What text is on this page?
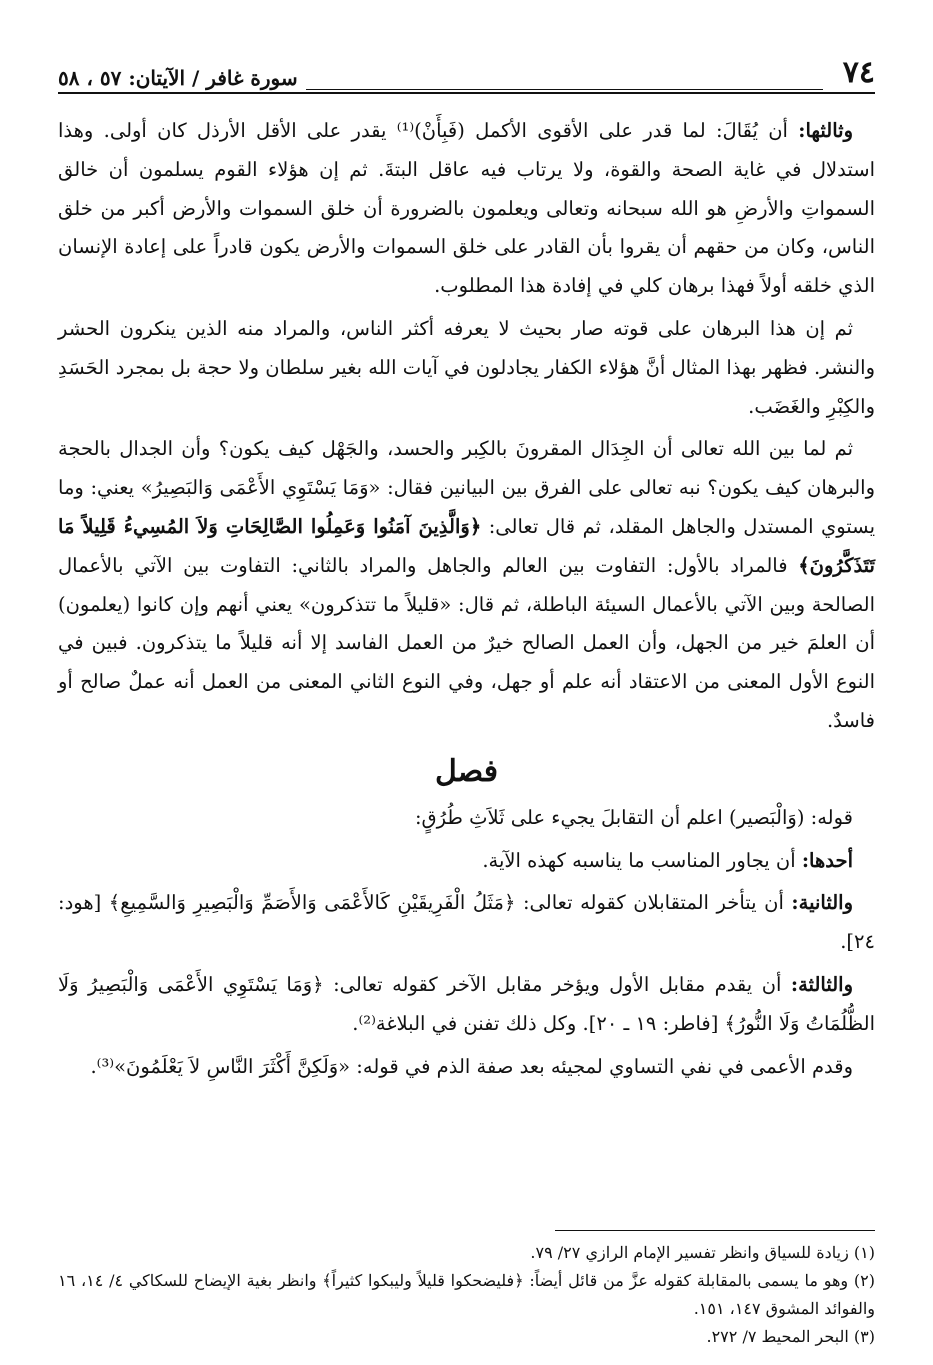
٧٤
سورة غافر / الآيتان: ٥٧ ، ٥٨

وثالثها: أن يُقَالَ: لما قدر على الأقوى الأكمل (فَبِأَنْ)⁽¹⁾ يقدر على الأقل الأرذل كان أولى. وهذا استدلال في غاية الصحة والقوة، ولا يرتاب فيه عاقل البتةَ. ثم إن هؤلاء القوم يسلمون أن خالق السمواتِ والأرضِ هو الله سبحانه وتعالى ويعلمون بالضرورة أن خلق السموات والأرض أكبر من خلق الناس، وكان من حقهم أن يقروا بأن القادر على خلق السموات والأرض يكون قادراً على إعادة الإنسان الذي خلقه أولاً فهذا برهان كلي في إفادة هذا المطلوب.

ثم إن هذا البرهان على قوته صار بحيث لا يعرفه أكثر الناس، والمراد منه الذين ينكرون الحشر والنشر. فظهر بهذا المثال أنَّ هؤلاء الكفار يجادلون في آيات الله بغير سلطان ولا حجة بل بمجرد الحَسَدِ والكِبْرِ والغَضَب.

ثم لما بين الله تعالى أن الجِدَال المقرونَ بالكِبر والحسد، والجَهْل كيف يكون؟ وأن الجدال بالحجة والبرهان كيف يكون؟ نبه تعالى على الفرق بين البيانين فقال: «وَمَا يَسْتَوِي الأَعْمَى وَالبَصِيرُ» يعني: وما يستوي المستدل والجاهل المقلد، ثم قال تعالى: ﴿وَالَّذِينَ آمَنُوا وَعَمِلُوا الصَّالِحَاتِ وَلاَ المُسِيءُ قَلِيلاً مَا تَتَذَكَّرُونَ﴾ فالمراد بالأول: التفاوت بين العالم والجاهل والمراد بالثاني: التفاوت بين الآتي بالأعمال الصالحة وبين الآتي بالأعمال السيئة الباطلة، ثم قال: «قليلاً ما تتذكرون» يعني أنهم وإن كانوا (يعلمون) أن العلمَ خير من الجهل، وأن العمل الصالح خيرٌ من العمل الفاسد إلا أنه قليلاً ما يتذكرون. فبين في النوع الأول المعنى من الاعتقاد أنه علم أو جهل، وفي النوع الثاني المعنى من العمل أنه عملٌ صالح أو فاسدٌ.

فصل

قوله: (وَالْبَصير) اعلم أن التقابلَ يجيء على ثَلاَثِ طُرُقٍ:

أحدها: أن يجاور المناسب ما يناسبه كهذه الآية.

والثانية: أن يتأخر المتقابلان كقوله تعالى: ﴿مَثَلُ الْفَرِيقَيْنِ كَالأَعْمَى وَالأَصَمِّ وَالْبَصِيرِ وَالسَّمِيعِ﴾ [هود: ٢٤].

والثالثة: أن يقدم مقابل الأول ويؤخر مقابل الآخر كقوله تعالى: ﴿وَمَا يَسْتَوِي الأَعْمَى وَالْبَصِيرُ وَلَا الظُّلُمَاتُ وَلَا النُّورُ﴾ [فاطر: ١٩ ـ ٢٠]. وكل ذلك تفنن في البلاغة⁽²⁾.

وقدم الأعمى في نفي التساوي لمجيئه بعد صفة الذم في قوله: «وَلَكِنَّ أَكْثَرَ النَّاسِ لاَ يَعْلَمُونَ»⁽³⁾.

(١) زيادة للسياق وانظر تفسير الإمام الرازي ٢٧/ ٧٩.

(٢) وهو ما يسمى بالمقابلة كقوله عزَّ من قائل أيضاً: ﴿فليضحكوا قليلاً وليبكوا كثيراً﴾ وانظر بغية الإيضاح للسكاكي ٤/ ١٤، ١٦ والفوائد المشوق ١٤٧، ١٥١.

(٣) البحر المحيط ٧/ ٢٧٢.
